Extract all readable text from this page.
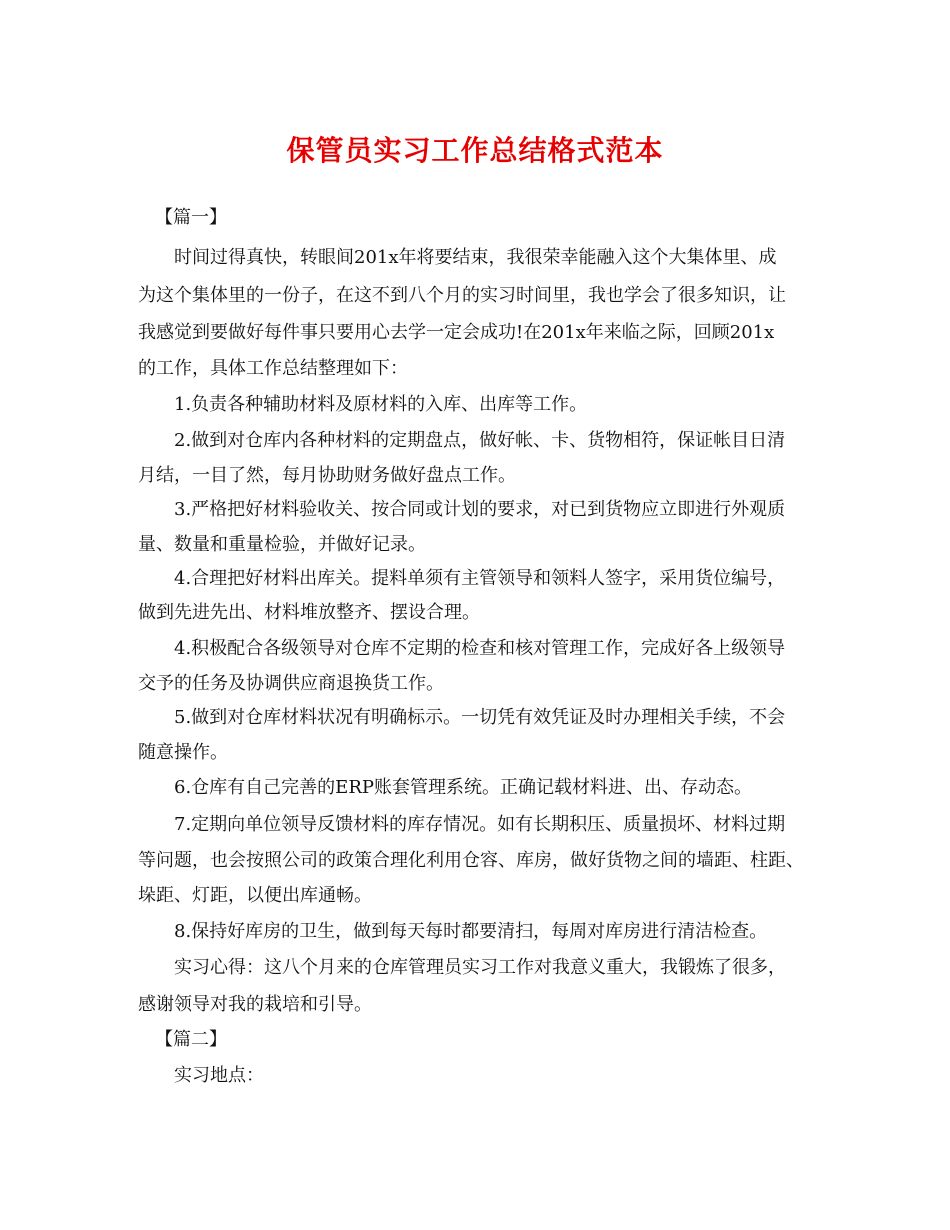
保管员实习工作总结格式范本

【篇一】

时间过得真快，转眼间201x年将要结束，我很荣幸能融入这个大集体里、成

为这个集体里的一份子，在这不到八个月的实习时间里，我也学会了很多知识，让

我感觉到要做好每件事只要用心去学一定会成功!在201x年来临之际，回顾201x

的工作，具体工作总结整理如下：

1.负责各种辅助材料及原材料的入库、出库等工作。

2.做到对仓库内各种材料的定期盘点，做好帐、卡、货物相符，保证帐目日清

月结，一目了然，每月协助财务做好盘点工作。

3.严格把好材料验收关、按合同或计划的要求，对已到货物应立即进行外观质

量、数量和重量检验，并做好记录。

4.合理把好材料出库关。提料单须有主管领导和领料人签字，采用货位编号，

做到先进先出、材料堆放整齐、摆设合理。

4.积极配合各级领导对仓库不定期的检查和核对管理工作，完成好各上级领导

交予的任务及协调供应商退换货工作。

5.做到对仓库材料状况有明确标示。一切凭有效凭证及时办理相关手续，不会

随意操作。

6.仓库有自己完善的ERP账套管理系统。正确记载材料进、出、存动态。

7.定期向单位领导反馈材料的库存情况。如有长期积压、质量损坏、材料过期

等问题，也会按照公司的政策合理化利用仓容、库房，做好货物之间的墙距、柱距、

垛距、灯距，以便出库通畅。

8.保持好库房的卫生，做到每天每时都要清扫，每周对库房进行清洁检查。

实习心得：这八个月来的仓库管理员实习工作对我意义重大，我锻炼了很多，

感谢领导对我的栽培和引导。

【篇二】

实习地点：
